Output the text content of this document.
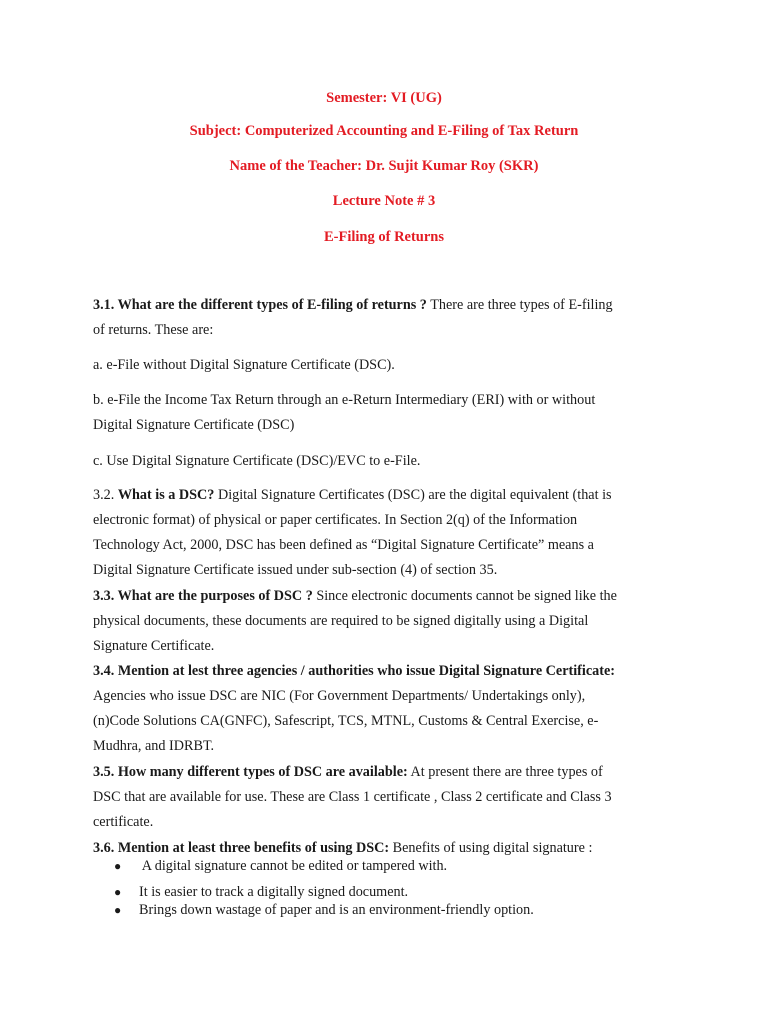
Semester: VI (UG)

Subject: Computerized Accounting and E-Filing of Tax Return

Name of the Teacher: Dr. Sujit Kumar Roy (SKR)

Lecture Note # 3

E-Filing of Returns

3.1. What are the different types of E-filing of returns ? There are three types of E-filing
of returns. These are:
a. e-File without Digital Signature Certificate (DSC).
b. e-File the Income Tax Return through an e-Return Intermediary (ERI) with or without
Digital Signature Certificate (DSC)
c. Use Digital Signature Certificate (DSC)/EVC to e-File.
3.2. What is a DSC? Digital Signature Certificates (DSC) are the digital equivalent (that is
electronic format) of physical or paper certificates. In Section 2(q) of the Information
Technology Act, 2000, DSC has been defined as “Digital Signature Certificate” means a
Digital Signature Certificate issued under sub-section (4) of section 35.
3.3. What are the purposes of DSC ? Since electronic documents cannot be signed like the
physical documents, these documents are required to be signed digitally using a Digital
Signature Certificate.
3.4. Mention at lest three agencies / authorities who issue Digital Signature Certificate:
Agencies who issue DSC are NIC (For Government Departments/ Undertakings only),
(n)Code Solutions CA(GNFC), Safescript, TCS, MTNL, Customs & Central Exercise, e-
Mudhra, and IDRBT.
3.5. How many different types of DSC are available: At present there are three types of
DSC that are available for use. These are Class 1 certificate , Class 2 certificate and Class 3
certificate.
3.6. Mention at least three benefits of using DSC: Benefits of using digital signature :
● A digital signature cannot be edited or tampered with.
● It is easier to track a digitally signed document.
● Brings down wastage of paper and is an environment-friendly option.
